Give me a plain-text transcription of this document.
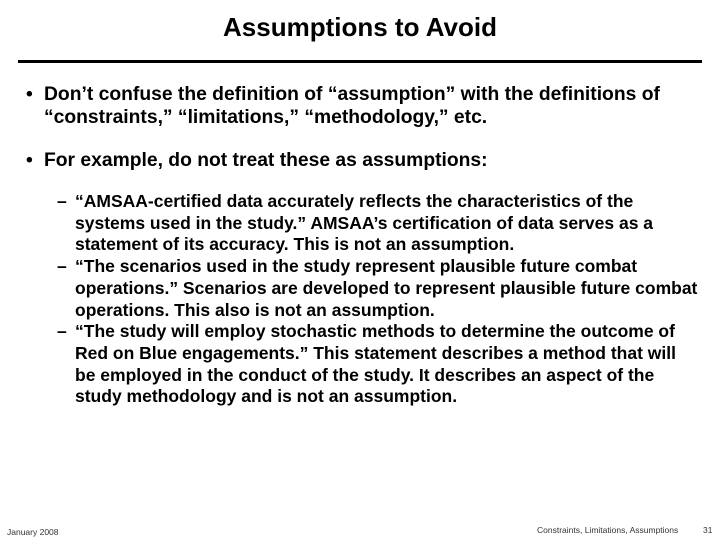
Assumptions to Avoid
• Don’t confuse the definition of “assumption” with the definitions of “constraints,” “limitations,” “methodology,” etc.
• For example, do not treat these as assumptions:
– “AMSAA-certified data accurately reflects the characteristics of the systems used in the study.” AMSAA’s certification of data serves as a statement of its accuracy. This is not an assumption.
– “The scenarios used in the study represent plausible future combat operations.” Scenarios are developed to represent plausible future combat operations. This also is not an assumption.
– “The study will employ stochastic methods to determine the outcome of Red on Blue engagements.” This statement describes a method that will be employed in the conduct of the study. It describes an aspect of the study methodology and is not an assumption.
January 2008	Constraints, Limitations, Assumptions	31
